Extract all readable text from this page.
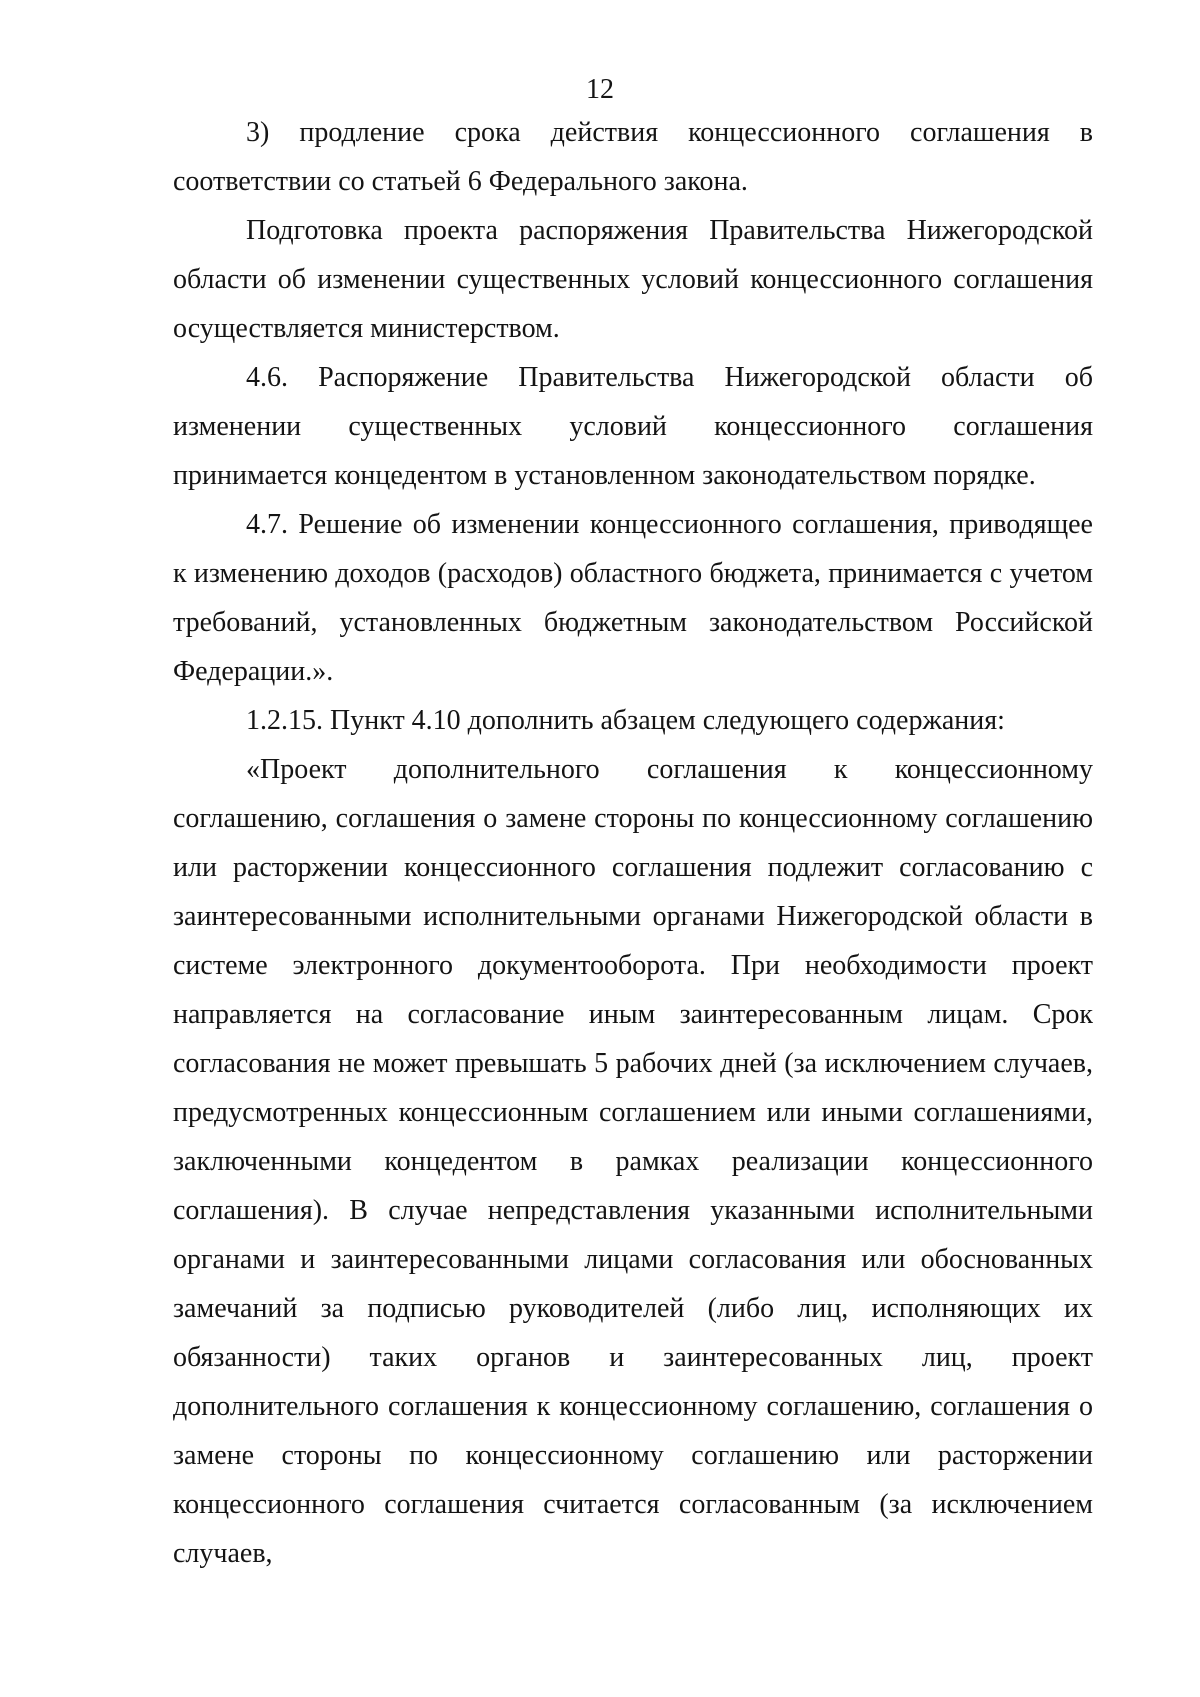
12

3) продление срока действия концессионного соглашения в соответствии со статьей 6 Федерального закона.

Подготовка проекта распоряжения Правительства Нижегородской области об изменении существенных условий концессионного соглашения осуществляется министерством.

4.6. Распоряжение Правительства Нижегородской области об изменении существенных условий концессионного соглашения принимается концедентом в установленном законодательством порядке.

4.7. Решение об изменении концессионного соглашения, приводящее к изменению доходов (расходов) областного бюджета, принимается с учетом требований, установленных бюджетным законодательством Российской Федерации.».

1.2.15. Пункт 4.10 дополнить абзацем следующего содержания:

«Проект дополнительного соглашения к концессионному соглашению, соглашения о замене стороны по концессионному соглашению или расторжении концессионного соглашения подлежит согласованию с заинтересованными исполнительными органами Нижегородской области в системе электронного документооборота. При необходимости проект направляется на согласование иным заинтересованным лицам. Срок согласования не может превышать 5 рабочих дней (за исключением случаев, предусмотренных концессионным соглашением или иными соглашениями, заключенными концедентом в рамках реализации концессионного соглашения). В случае непредставления указанными исполнительными органами и заинтересованными лицами согласования или обоснованных замечаний за подписью руководителей (либо лиц, исполняющих их обязанности) таких органов и заинтересованных лиц, проект дополнительного соглашения к концессионному соглашению, соглашения о замене стороны по концессионному соглашению или расторжении концессионного соглашения считается согласованным (за исключением случаев,
